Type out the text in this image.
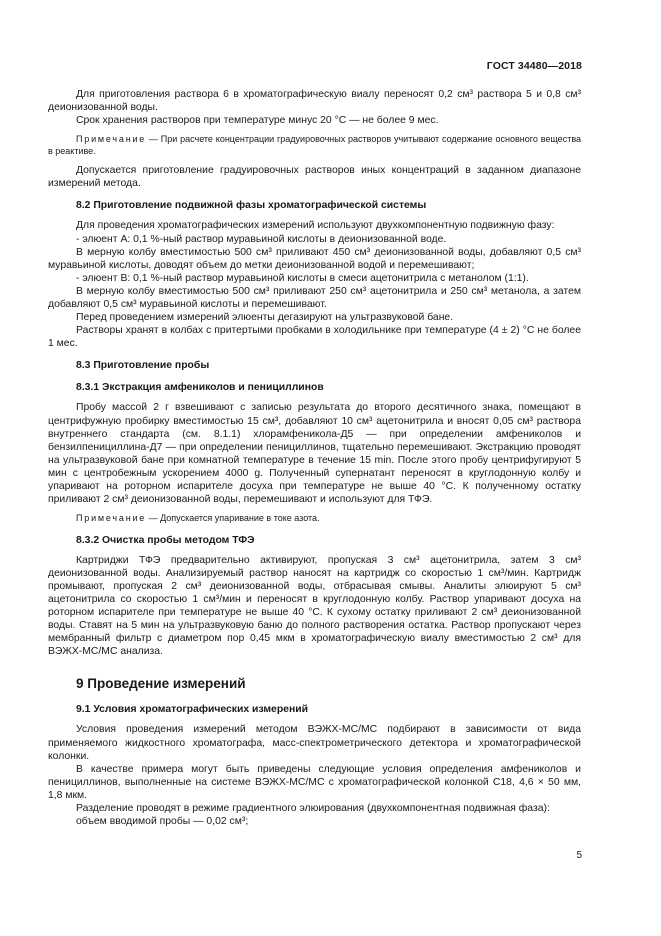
ГОСТ 34480—2018

Для приготовления раствора 6 в хроматографическую виалу переносят 0,2 см³ раствора 5 и 0,8 см³ деионизованной воды.

Срок хранения растворов при температуре минус 20 °С — не более 9 мес.

Примечание — При расчете концентрации градуировочных растворов учитывают содержание основного вещества в реактиве.

Допускается приготовление градуировочных растворов иных концентраций в заданном диапазоне измерений метода.

8.2 Приготовление подвижной фазы хроматографической системы

Для проведения хроматографических измерений используют двухкомпонентную подвижную фазу:

- элюент А: 0,1 %-ный раствор муравьиной кислоты в деионизованной воде.

В мерную колбу вместимостью 500 см³ приливают 450 см³ деионизованной воды, добавляют 0,5 см³ муравьиной кислоты, доводят объем до метки деионизованной водой и перемешивают;

- элюент В: 0,1 %-ный раствор муравьиной кислоты в смеси ацетонитрила с метанолом (1:1).

В мерную колбу вместимостью 500 см³ приливают 250 см³ ацетонитрила и 250 см³ метанола, а затем добавляют 0,5 см³ муравьиной кислоты и перемешивают.

Перед проведением измерений элюенты дегазируют на ультразвуковой бане.

Растворы хранят в колбах с притертыми пробками в холодильнике при температуре (4 ± 2) °С не более 1 мес.

8.3 Приготовление пробы
8.3.1 Экстракция амфениколов и пенициллинов

Пробу массой 2 г взвешивают с записью результата до второго десятичного знака, помещают в центрифужную пробирку вместимостью 15 см³, добавляют 10 см³ ацетонитрила и вносят 0,05 см³ раствора внутреннего стандарта (см. 8.1.1) хлорамфеникола-Д5 — при определении амфениколов и бензилпенициллина-Д7 — при определении пенициллинов, тщательно перемешивают. Экстракцию проводят на ультразвуковой бане при комнатной температуре в течение 15 min. После этого пробу центрифугируют 5 мин с центробежным ускорением 4000 g. Полученный супернатант переносят в круглодонную колбу и упаривают на роторном испарителе досуха при температуре не выше 40 °С. К полученному остатку приливают 2 см³ деионизованной воды, перемешивают и используют для ТФЭ.

Примечание — Допускается упаривание в токе азота.

8.3.2 Очистка пробы методом ТФЭ

Картриджи ТФЭ предварительно активируют, пропуская 3 см³ ацетонитрила, затем 3 см³ деионизованной воды. Анализируемый раствор наносят на картридж со скоростью 1 см³/мин. Картридж промывают, пропуская 2 см³ деионизованной воды, отбрасывая смывы. Аналиты элюируют 5 см³ ацетонитрила со скоростью 1 см³/мин и переносят в круглодонную колбу. Раствор упаривают досуха на роторном испарителе при температуре не выше 40 °С. К сухому остатку приливают 2 см³ деионизованной воды. Ставят на 5 мин на ультразвуковую баню до полного растворения остатка. Раствор пропускают через мембранный фильтр с диаметром пор 0,45 мкм в хроматографическую виалу вместимостью 2 см³ для ВЭЖХ-МС/МС анализа.

9 Проведение измерений
9.1 Условия хроматографических измерений

Условия проведения измерений методом ВЭЖХ-МС/МС подбирают в зависимости от вида применяемого жидкостного хроматографа, масс-спектрометрического детектора и хроматографической колонки.

В качестве примера могут быть приведены следующие условия определения амфениколов и пенициллинов, выполненные на системе ВЭЖХ-МС/МС с хроматографической колонкой С18, 4,6 × 50 мм, 1,8 мкм.

Разделение проводят в режиме градиентного элюирования (двухкомпонентная подвижная фаза):

объем вводимой пробы — 0,02 см³;

5
